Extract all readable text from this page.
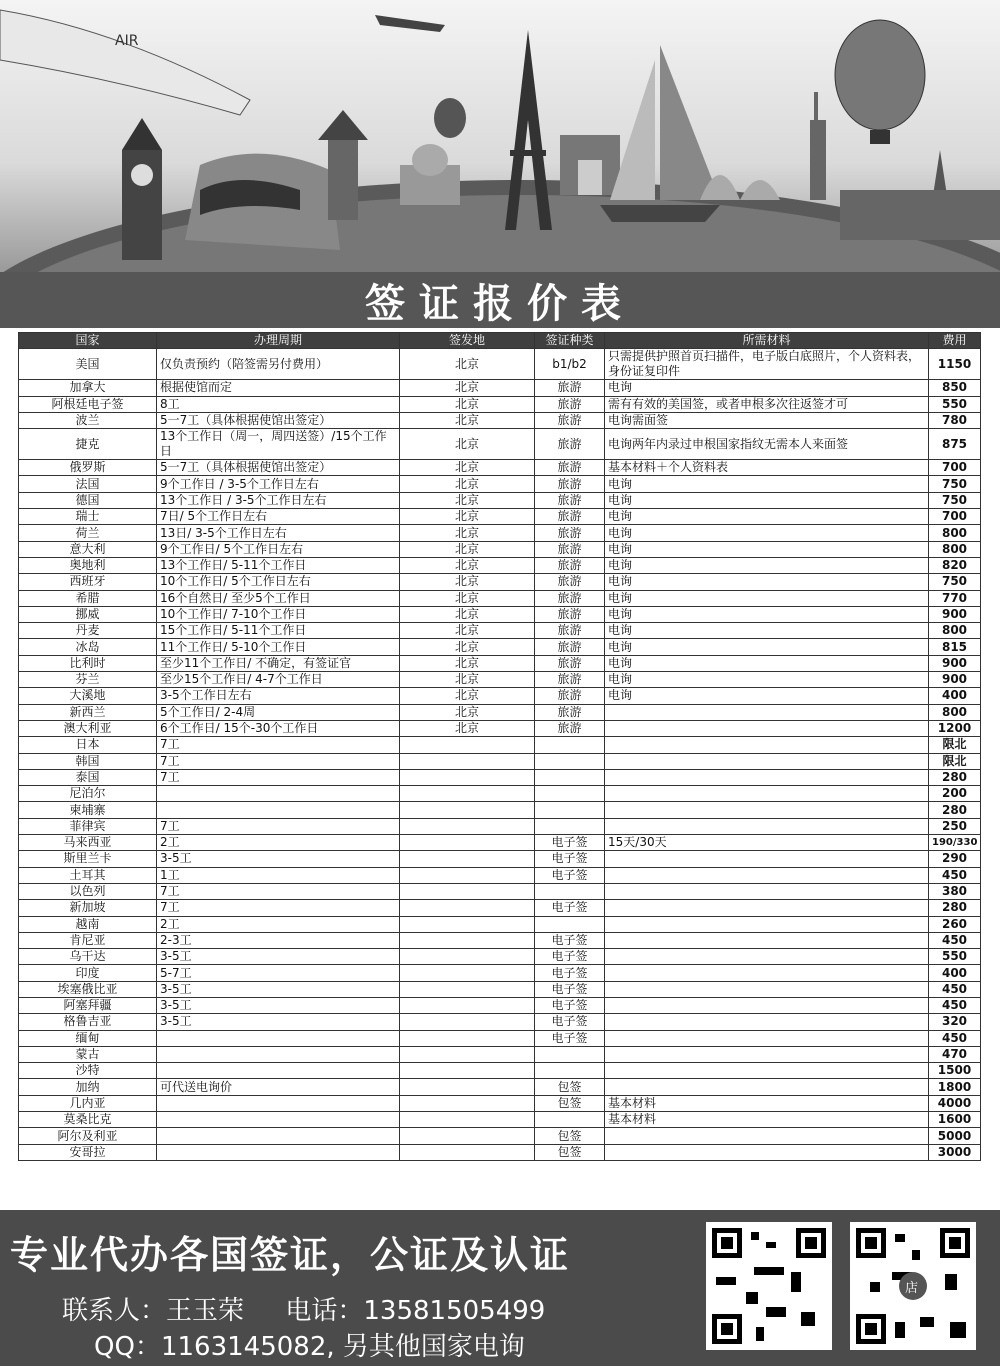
AIR
签证报价表
国家	办理周期	签发地	签证种类	所需材料	费用
美国	仅负责预约（陪签需另付费用）	北京	b1/b2	只需提供护照首页扫描件，电子版白底照片，个人资料表，身份证复印件	1150
加拿大	根据使馆而定	北京	旅游	电询	850
阿根廷电子签	8工	北京	旅游	需有有效的美国签，或者申根多次往返签才可	550
波兰	5一7工（具体根据使馆出签定）	北京	旅游	电询需面签	780
捷克	13个工作日（周一，周四送签）/15个工作日	北京	旅游	电询两年内录过申根国家指纹无需本人来面签	875
俄罗斯	5一7工（具体根据使馆出签定）	北京	旅游	基本材料＋个人资料表	700
法国	9个工作日 / 3-5个工作日左右	北京	旅游	电询	750
德国	13个工作日 / 3-5个工作日左右	北京	旅游	电询	750
瑞士	7日/ 5个工作日左右	北京	旅游	电询	700
荷兰	13日/ 3-5个工作日左右	北京	旅游	电询	800
意大利	9个工作日/ 5个工作日左右	北京	旅游	电询	800
奥地利	13个工作日/ 5-11个工作日	北京	旅游	电询	820
西班牙	10个工作日/ 5个工作日左右	北京	旅游	电询	750
希腊	16个自然日/ 至少5个工作日	北京	旅游	电询	770
挪威	10个工作日/ 7-10个工作日	北京	旅游	电询	900
丹麦	15个工作日/ 5-11个工作日	北京	旅游	电询	800
冰岛	11个工作日/ 5-10个工作日	北京	旅游	电询	815
比利时	至少11个工作日/ 不确定，有签证官	北京	旅游	电询	900
芬兰	至少15个工作日/ 4-7个工作日	北京	旅游	电询	900
大溪地	3-5个工作日左右	北京	旅游	电询	400
新西兰	5个工作日/ 2-4周	北京	旅游		800
澳大利亚	6个工作日/ 15个-30个工作日	北京	旅游		1200
日本	7工				限北
韩国	7工				限北
泰国	7工				280
尼泊尔					200
柬埔寨					280
菲律宾	7工				250
马来西亚	2工		电子签	15天/30天	190/330
斯里兰卡	3-5工		电子签		290
土耳其	1工		电子签		450
以色列	7工				380
新加坡	7工		电子签		280
越南	2工				260
肯尼亚	2-3工		电子签		450
乌干达	3-5工		电子签		550
印度	5-7工		电子签		400
埃塞俄比亚	3-5工		电子签		450
阿塞拜疆	3-5工		电子签		450
格鲁吉亚	3-5工		电子签		320
缅甸			电子签		450
蒙古					470
沙特					1500
加纳	可代送电询价		包签		1800
几内亚			包签	基本材料	4000
莫桑比克				基本材料	1600
阿尔及利亚			包签		5000
安哥拉			包签		3000
专业代办各国签证，公证及认证
联系人：王玉荣 电话：13581505499
QQ：1163145082, 另其他国家电询
店
